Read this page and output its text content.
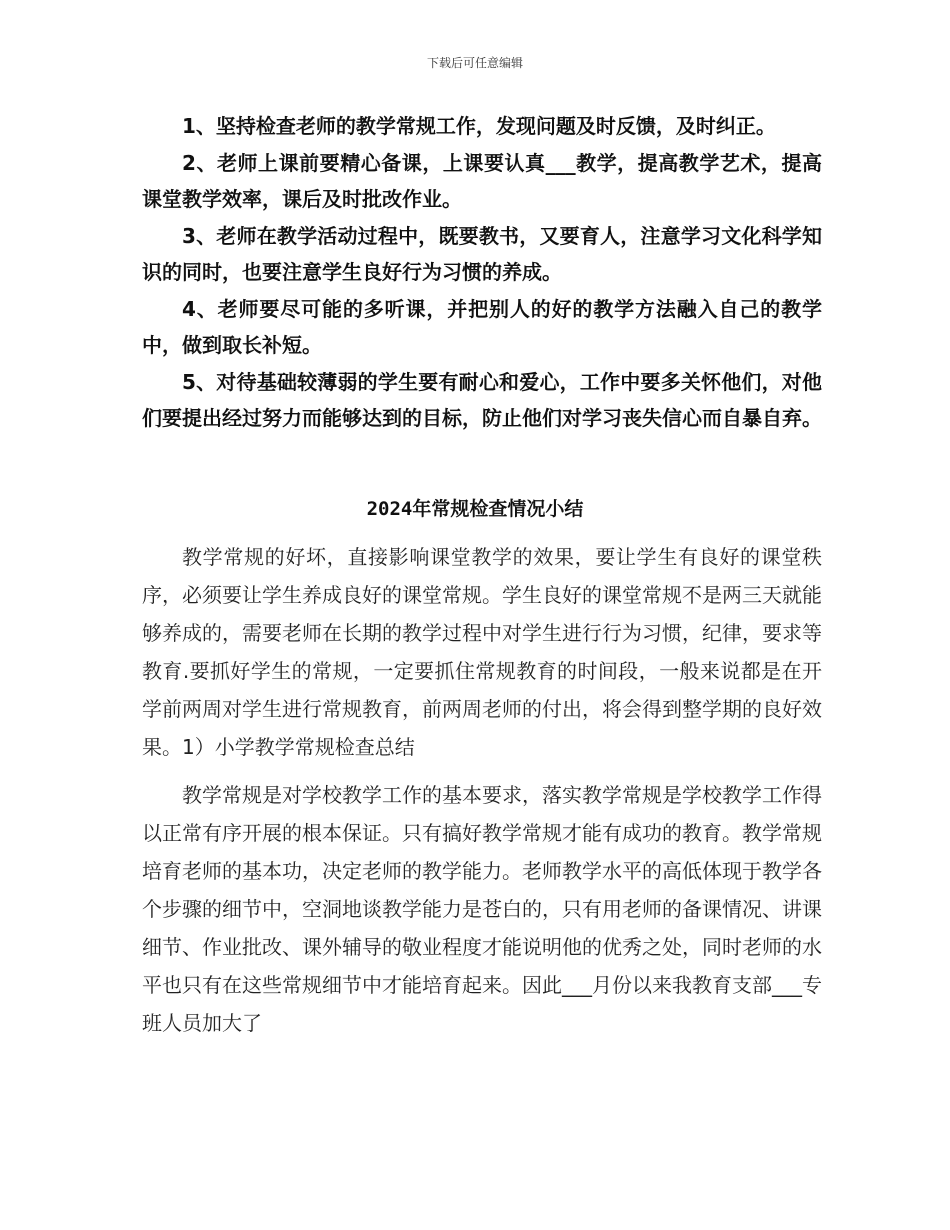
下载后可任意编辑

1、坚持检查老师的教学常规工作，发现问题及时反馈，及时纠正。

2、老师上课前要精心备课，上课要认真___教学，提高教学艺术，提高课堂教学效率，课后及时批改作业。

3、老师在教学活动过程中，既要教书，又要育人，注意学习文化科学知识的同时，也要注意学生良好行为习惯的养成。

4、老师要尽可能的多听课，并把别人的好的教学方法融入自己的教学中，做到取长补短。

5、对待基础较薄弱的学生要有耐心和爱心，工作中要多关怀他们，对他们要提出经过努力而能够达到的目标，防止他们对学习丧失信心而自暴自弃。

2024年常规检查情况小结

教学常规的好坏，直接影响课堂教学的效果，要让学生有良好的课堂秩序，必须要让学生养成良好的课堂常规。学生良好的课堂常规不是两三天就能够养成的，需要老师在长期的教学过程中对学生进行行为习惯，纪律，要求等教育.要抓好学生的常规，一定要抓住常规教育的时间段，一般来说都是在开学前两周对学生进行常规教育，前两周老师的付出，将会得到整学期的良好效果。1）小学教学常规检查总结

教学常规是对学校教学工作的基本要求，落实教学常规是学校教学工作得以正常有序开展的根本保证。只有搞好教学常规才能有成功的教育。教学常规培育老师的基本功，决定老师的教学能力。老师教学水平的高低体现于教学各个步骤的细节中，空洞地谈教学能力是苍白的，只有用老师的备课情况、讲课细节、作业批改、课外辅导的敬业程度才能说明他的优秀之处，同时老师的水平也只有在这些常规细节中才能培育起来。因此___月份以来我教育支部___专班人员加大了
